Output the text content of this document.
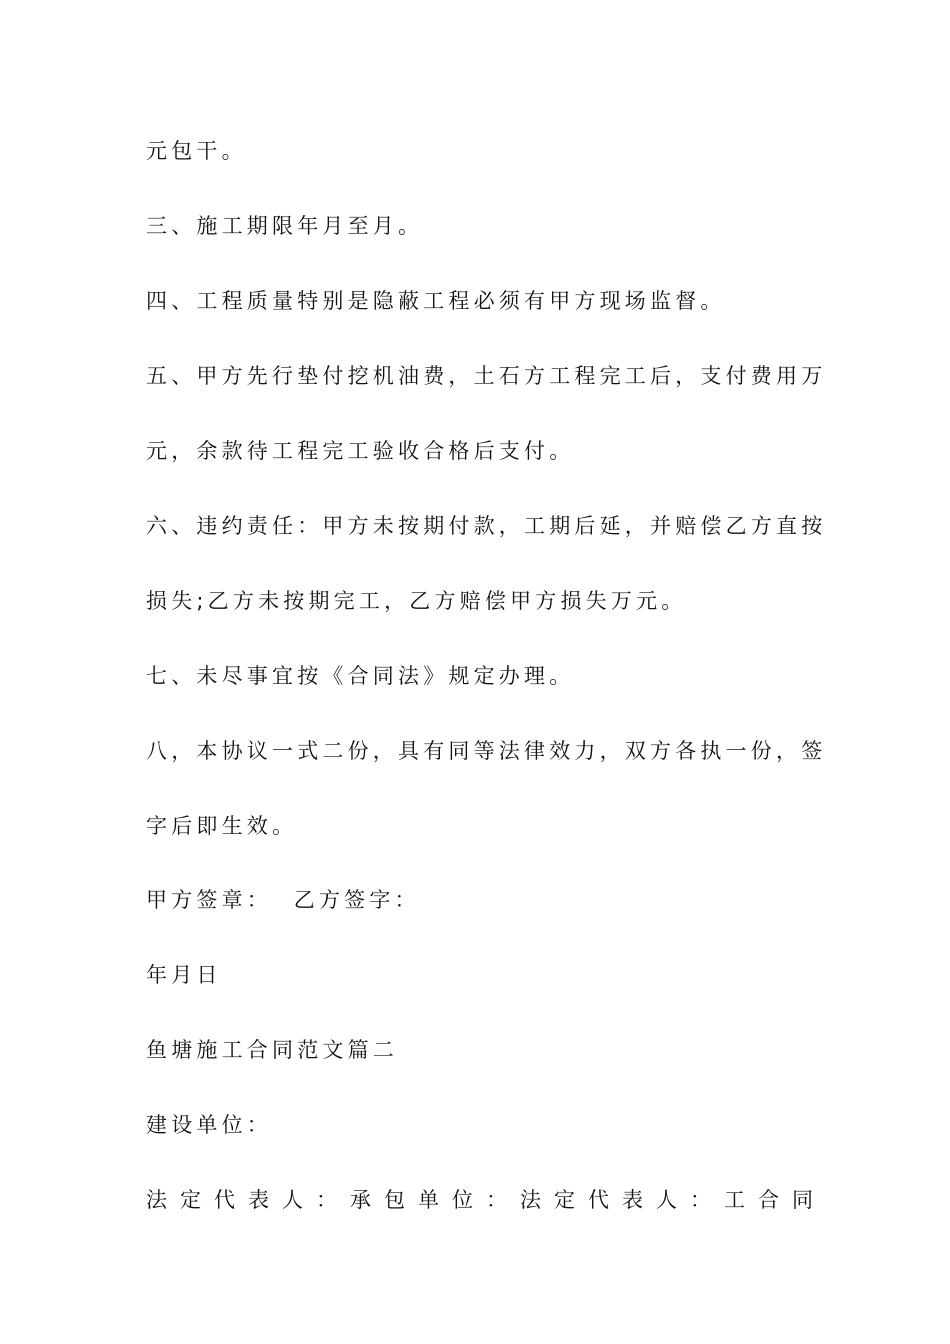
元包干。

三、施工期限年月至月。

四、工程质量特别是隐蔽工程必须有甲方现场监督。

五、甲方先行垫付挖机油费，土石方工程完工后，支付费用万

元，余款待工程完工验收合格后支付。

六、违约责任：甲方未按期付款，工期后延，并赔偿乙方直按

损失;乙方未按期完工，乙方赔偿甲方损失万元。

七、未尽事宜按《合同法》规定办理。

八，本协议一式二份，具有同等法律效力，双方各执一份，签

字后即生效。

甲方签章：  乙方签字：

年月日

鱼塘施工合同范文篇二

建设单位：

法定代表人：承包单位：法定代表人：工合同
